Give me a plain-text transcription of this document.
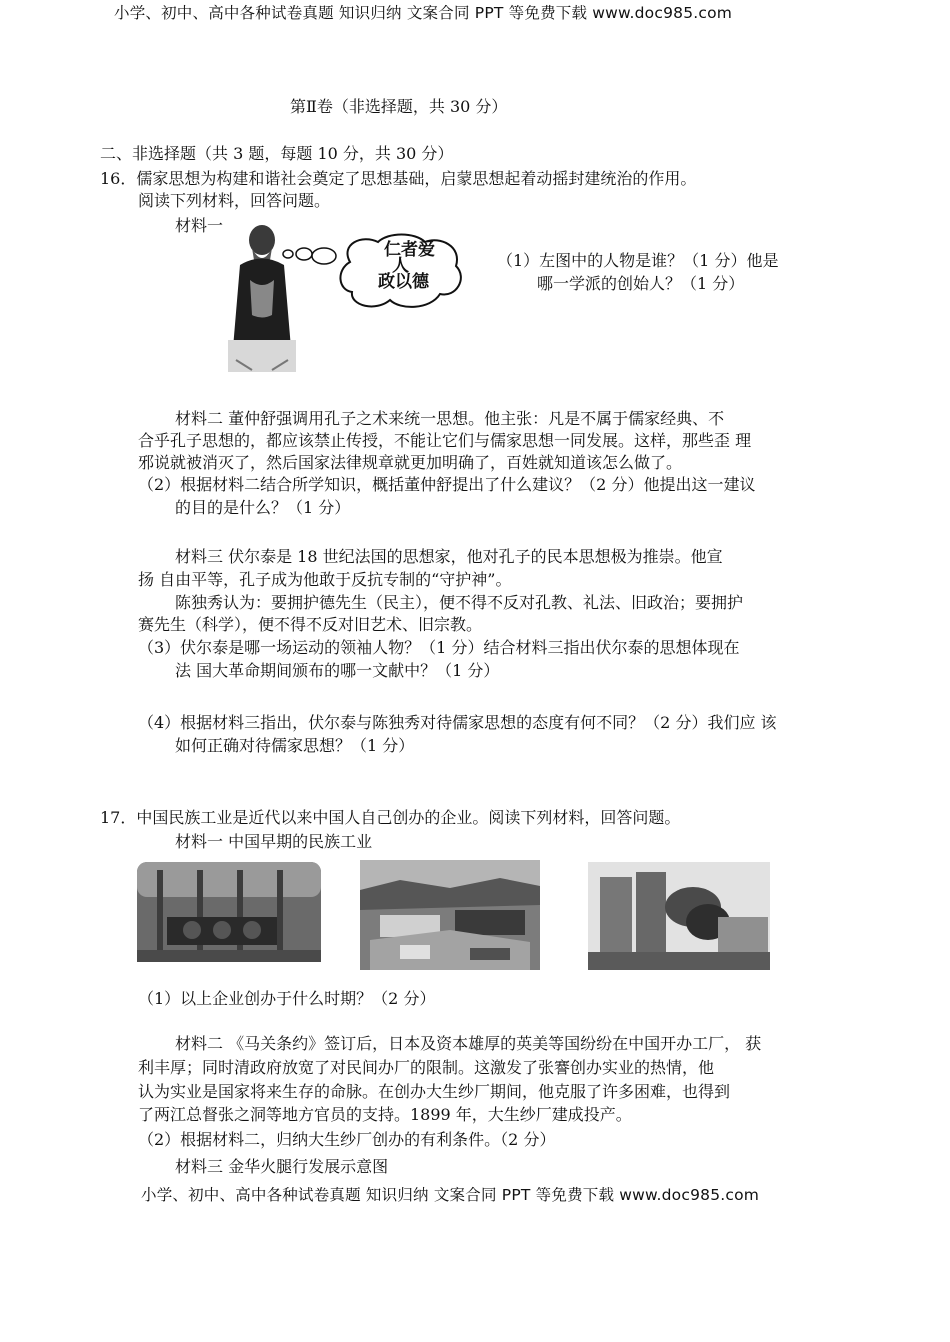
小学、初中、高中各种试卷真题 知识归纳 文案合同 PPT 等免费下载 www.doc985.com
第Ⅱ卷（非选择题，共 30 分）
二、非选择题（共 3 题，每题 10 分，共 30 分）
16．儒家思想为构建和谐社会奠定了思想基础，启蒙思想起着动摇封建统治的作用。
阅读下列材料，回答问题。
材料一
仁者爱
人
政以德
（1）左图中的人物是谁？（1 分）他是
哪一学派的创始人？（1 分）
材料二 董仲舒强调用孔子之术来统一思想。他主张：凡是不属于儒家经典、不
合乎孔子思想的，都应该禁止传授，不能让它们与儒家思想一同发展。这样，那些歪 理
邪说就被消灭了，然后国家法律规章就更加明确了，百姓就知道该怎么做了。
（2）根据材料二结合所学知识，概括董仲舒提出了什么建议？（2 分）他提出这一建议
的目的是什么？（1 分）
材料三 伏尔泰是 18 世纪法国的思想家，他对孔子的民本思想极为推崇。他宣
扬 自由平等，孔子成为他敢于反抗专制的“守护神”。
陈独秀认为：要拥护德先生（民主），便不得不反对孔教、礼法、旧政治；要拥护
赛先生（科学），便不得不反对旧艺术、旧宗教。
（3）伏尔泰是哪一场运动的领袖人物？（1 分）结合材料三指出伏尔泰的思想体现在
法 国大革命期间颁布的哪一文献中？（1 分）
（4）根据材料三指出，伏尔泰与陈独秀对待儒家思想的态度有何不同？（2 分）我们应 该
如何正确对待儒家思想？（1 分）
17．中国民族工业是近代以来中国人自己创办的企业。阅读下列材料，回答问题。
材料一 中国早期的民族工业
（1）以上企业创办于什么时期？（2 分）
材料二 《马关条约》签订后，日本及资本雄厚的英美等国纷纷在中国开办工厂， 获
利丰厚；同时清政府放宽了对民间办厂的限制。这激发了张謇创办实业的热情，他
认为实业是国家将来生存的命脉。在创办大生纱厂期间，他克服了许多困难，也得到
了两江总督张之洞等地方官员的支持。1899 年，大生纱厂建成投产。
（2）根据材料二，归纳大生纱厂创办的有利条件。（2 分）
材料三 金华火腿行发展示意图
小学、初中、高中各种试卷真题 知识归纳 文案合同 PPT 等免费下载 www.doc985.com
